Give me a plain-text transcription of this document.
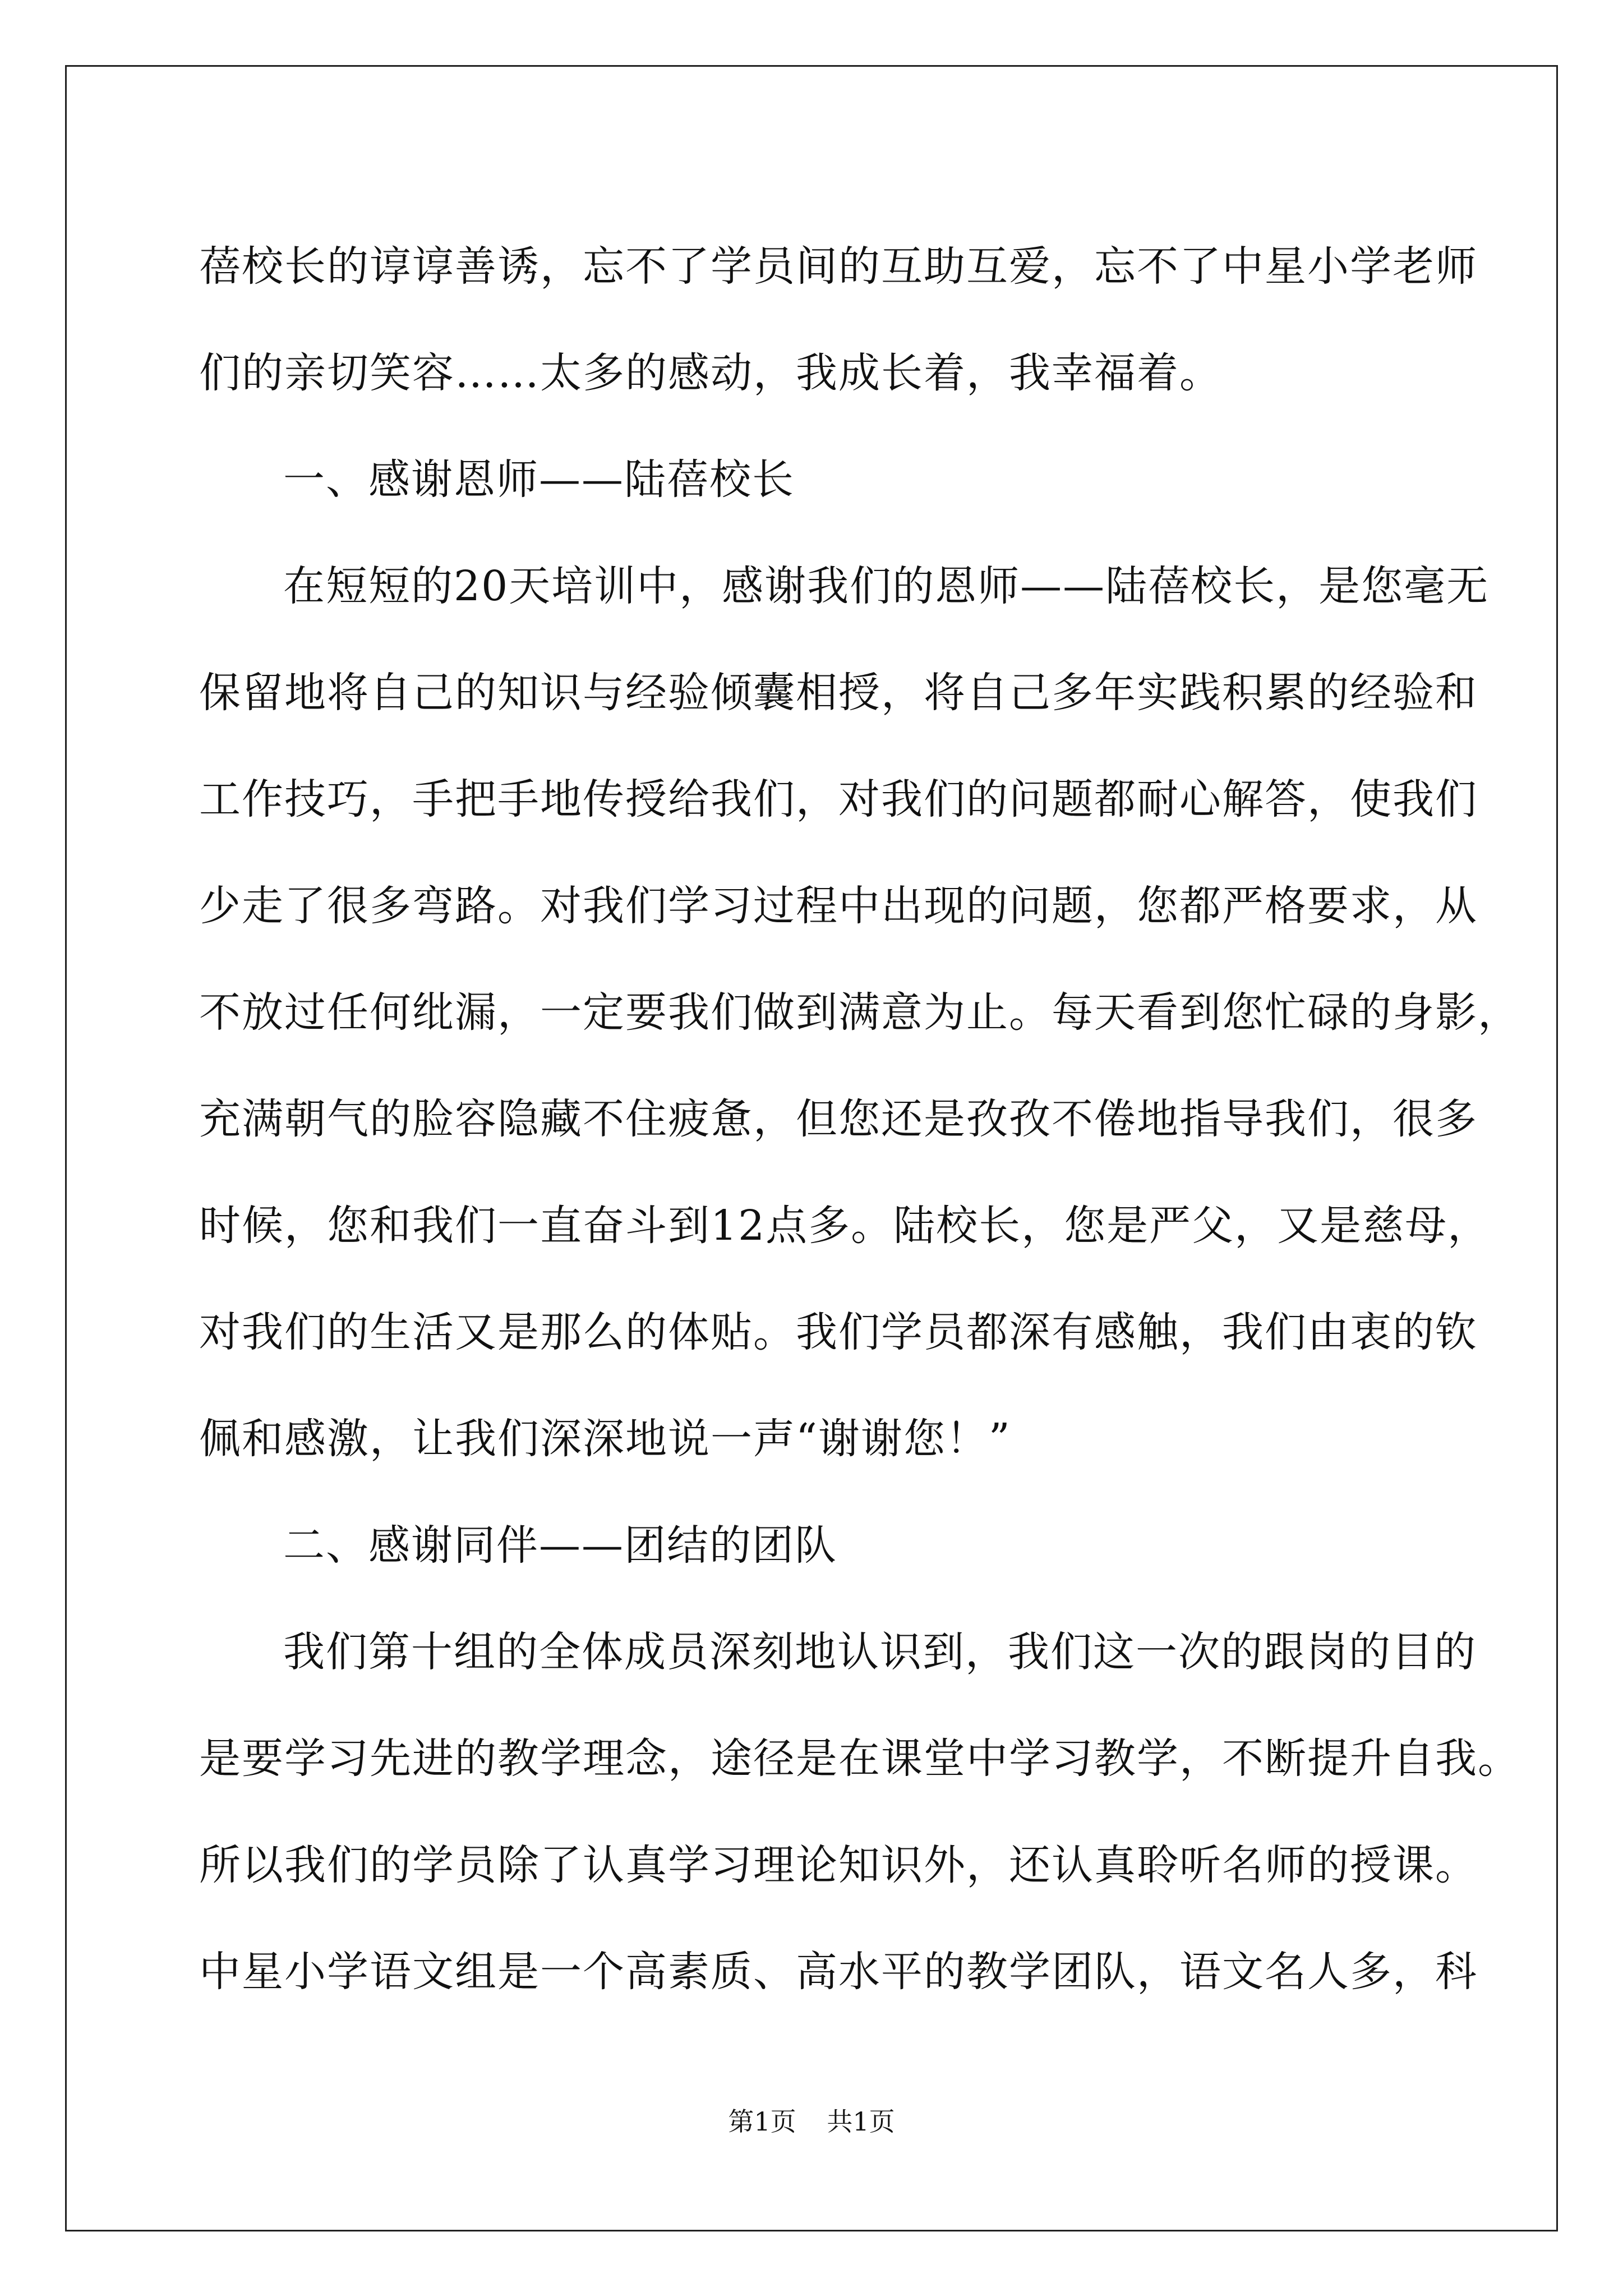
蓓校长的谆谆善诱，忘不了学员间的互助互爱，忘不了中星小学老师
们的亲切笑容……太多的感动，我成长着，我幸福着。
一、感谢恩师——陆蓓校长
在短短的20天培训中，感谢我们的恩师——陆蓓校长，是您毫无
保留地将自己的知识与经验倾囊相授，将自己多年实践积累的经验和
工作技巧，手把手地传授给我们，对我们的问题都耐心解答，使我们
少走了很多弯路。对我们学习过程中出现的问题，您都严格要求，从
不放过任何纰漏，一定要我们做到满意为止。每天看到您忙碌的身影，
充满朝气的脸容隐藏不住疲惫，但您还是孜孜不倦地指导我们，很多
时候，您和我们一直奋斗到12点多。陆校长，您是严父，又是慈母，
对我们的生活又是那么的体贴。我们学员都深有感触，我们由衷的钦
佩和感激，让我们深深地说一声“谢谢您！”
二、感谢同伴——团结的团队
我们第十组的全体成员深刻地认识到，我们这一次的跟岗的目的
是要学习先进的教学理念，途径是在课堂中学习教学，不断提升自我。
所以我们的学员除了认真学习理论知识外，还认真聆听名师的授课。
中星小学语文组是一个高素质、高水平的教学团队，语文名人多，科
第1页 共1页
